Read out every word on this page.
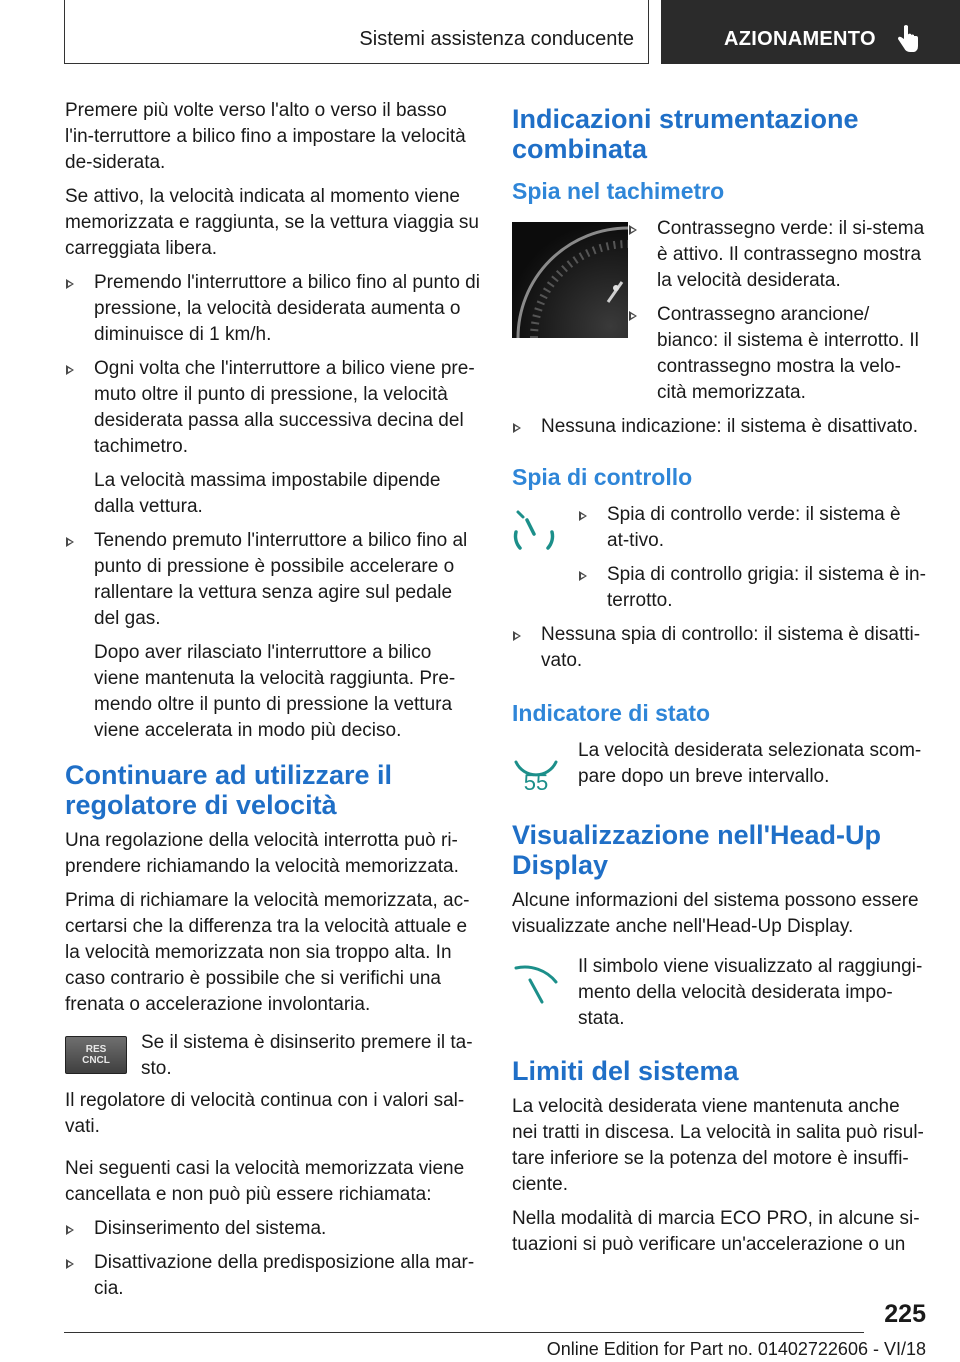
Sistemi assistenza conducente	AZIONAMENTO

Premere più volte verso l'alto o verso il basso l'in-terruttore a bilico fino a impostare la velocità de-siderata.

Se attivo, la velocità indicata al momento viene memorizzata e raggiunta, se la vettura viaggia su carreggiata libera.

Premendo l'interruttore a bilico fino al punto di pressione, la velocità desiderata aumenta o diminuisce di 1 km/h.
Ogni volta che l'interruttore a bilico viene pre-muto oltre il punto di pressione, la velocità desiderata passa alla successiva decina del tachimetro.
La velocità massima impostabile dipende dalla vettura.
Tenendo premuto l'interruttore a bilico fino al punto di pressione è possibile accelerare o rallentare la vettura senza agire sul pedale del gas.
Dopo aver rilasciato l'interruttore a bilico viene mantenuta la velocità raggiunta. Pre-mendo oltre il punto di pressione la vettura viene accelerata in modo più deciso.
Continuare ad utilizzare il regolatore di velocità

Una regolazione della velocità interrotta può ri-prendere richiamando la velocità memorizzata.

Prima di richiamare la velocità memorizzata, ac-certarsi che la differenza tra la velocità attuale e la velocità memorizzata non sia troppo alta. In caso contrario è possibile che si verifichi una frenata o accelerazione involontaria.

RES
CNCL
Se il sistema è disinserito premere il ta-sto.

Il regolatore di velocità continua con i valori sal-vati.

Nei seguenti casi la velocità memorizzata viene cancellata e non può più essere richiamata:

Disinserimento del sistema.
Disattivazione della predisposizione alla mar-cia.
Indicazioni strumentazione combinata
Spia nel tachimetro
Contrassegno verde: il si-stema è attivo. Il contrassegno mostra la velocità desiderata.
Contrassegno arancione/ bianco: il sistema è interrotto. Il contrassegno mostra la velo-cità memorizzata.
Nessuna indicazione: il sistema è disattivato.
Spia di controllo
Spia di controllo verde: il sistema è at-tivo.
Spia di controllo grigia: il sistema è in-terrotto.
Nessuna spia di controllo: il sistema è disatti-vato.
Indicatore di stato
55
La velocità desiderata selezionata scom-pare dopo un breve intervallo.
Visualizzazione nell'Head-Up Display

Alcune informazioni del sistema possono essere visualizzate anche nell'Head-Up Display.

Il simbolo viene visualizzato al raggiungi-mento della velocità desiderata impo-stata.
Limiti del sistema

La velocità desiderata viene mantenuta anche nei tratti in discesa. La velocità in salita può risul-tare inferiore se la potenza del motore è insuffi-ciente.

Nella modalità di marcia ECO PRO, in alcune si-tuazioni si può verificare un'accelerazione o un

225
Online Edition for Part no. 01402722606 - VI/18
